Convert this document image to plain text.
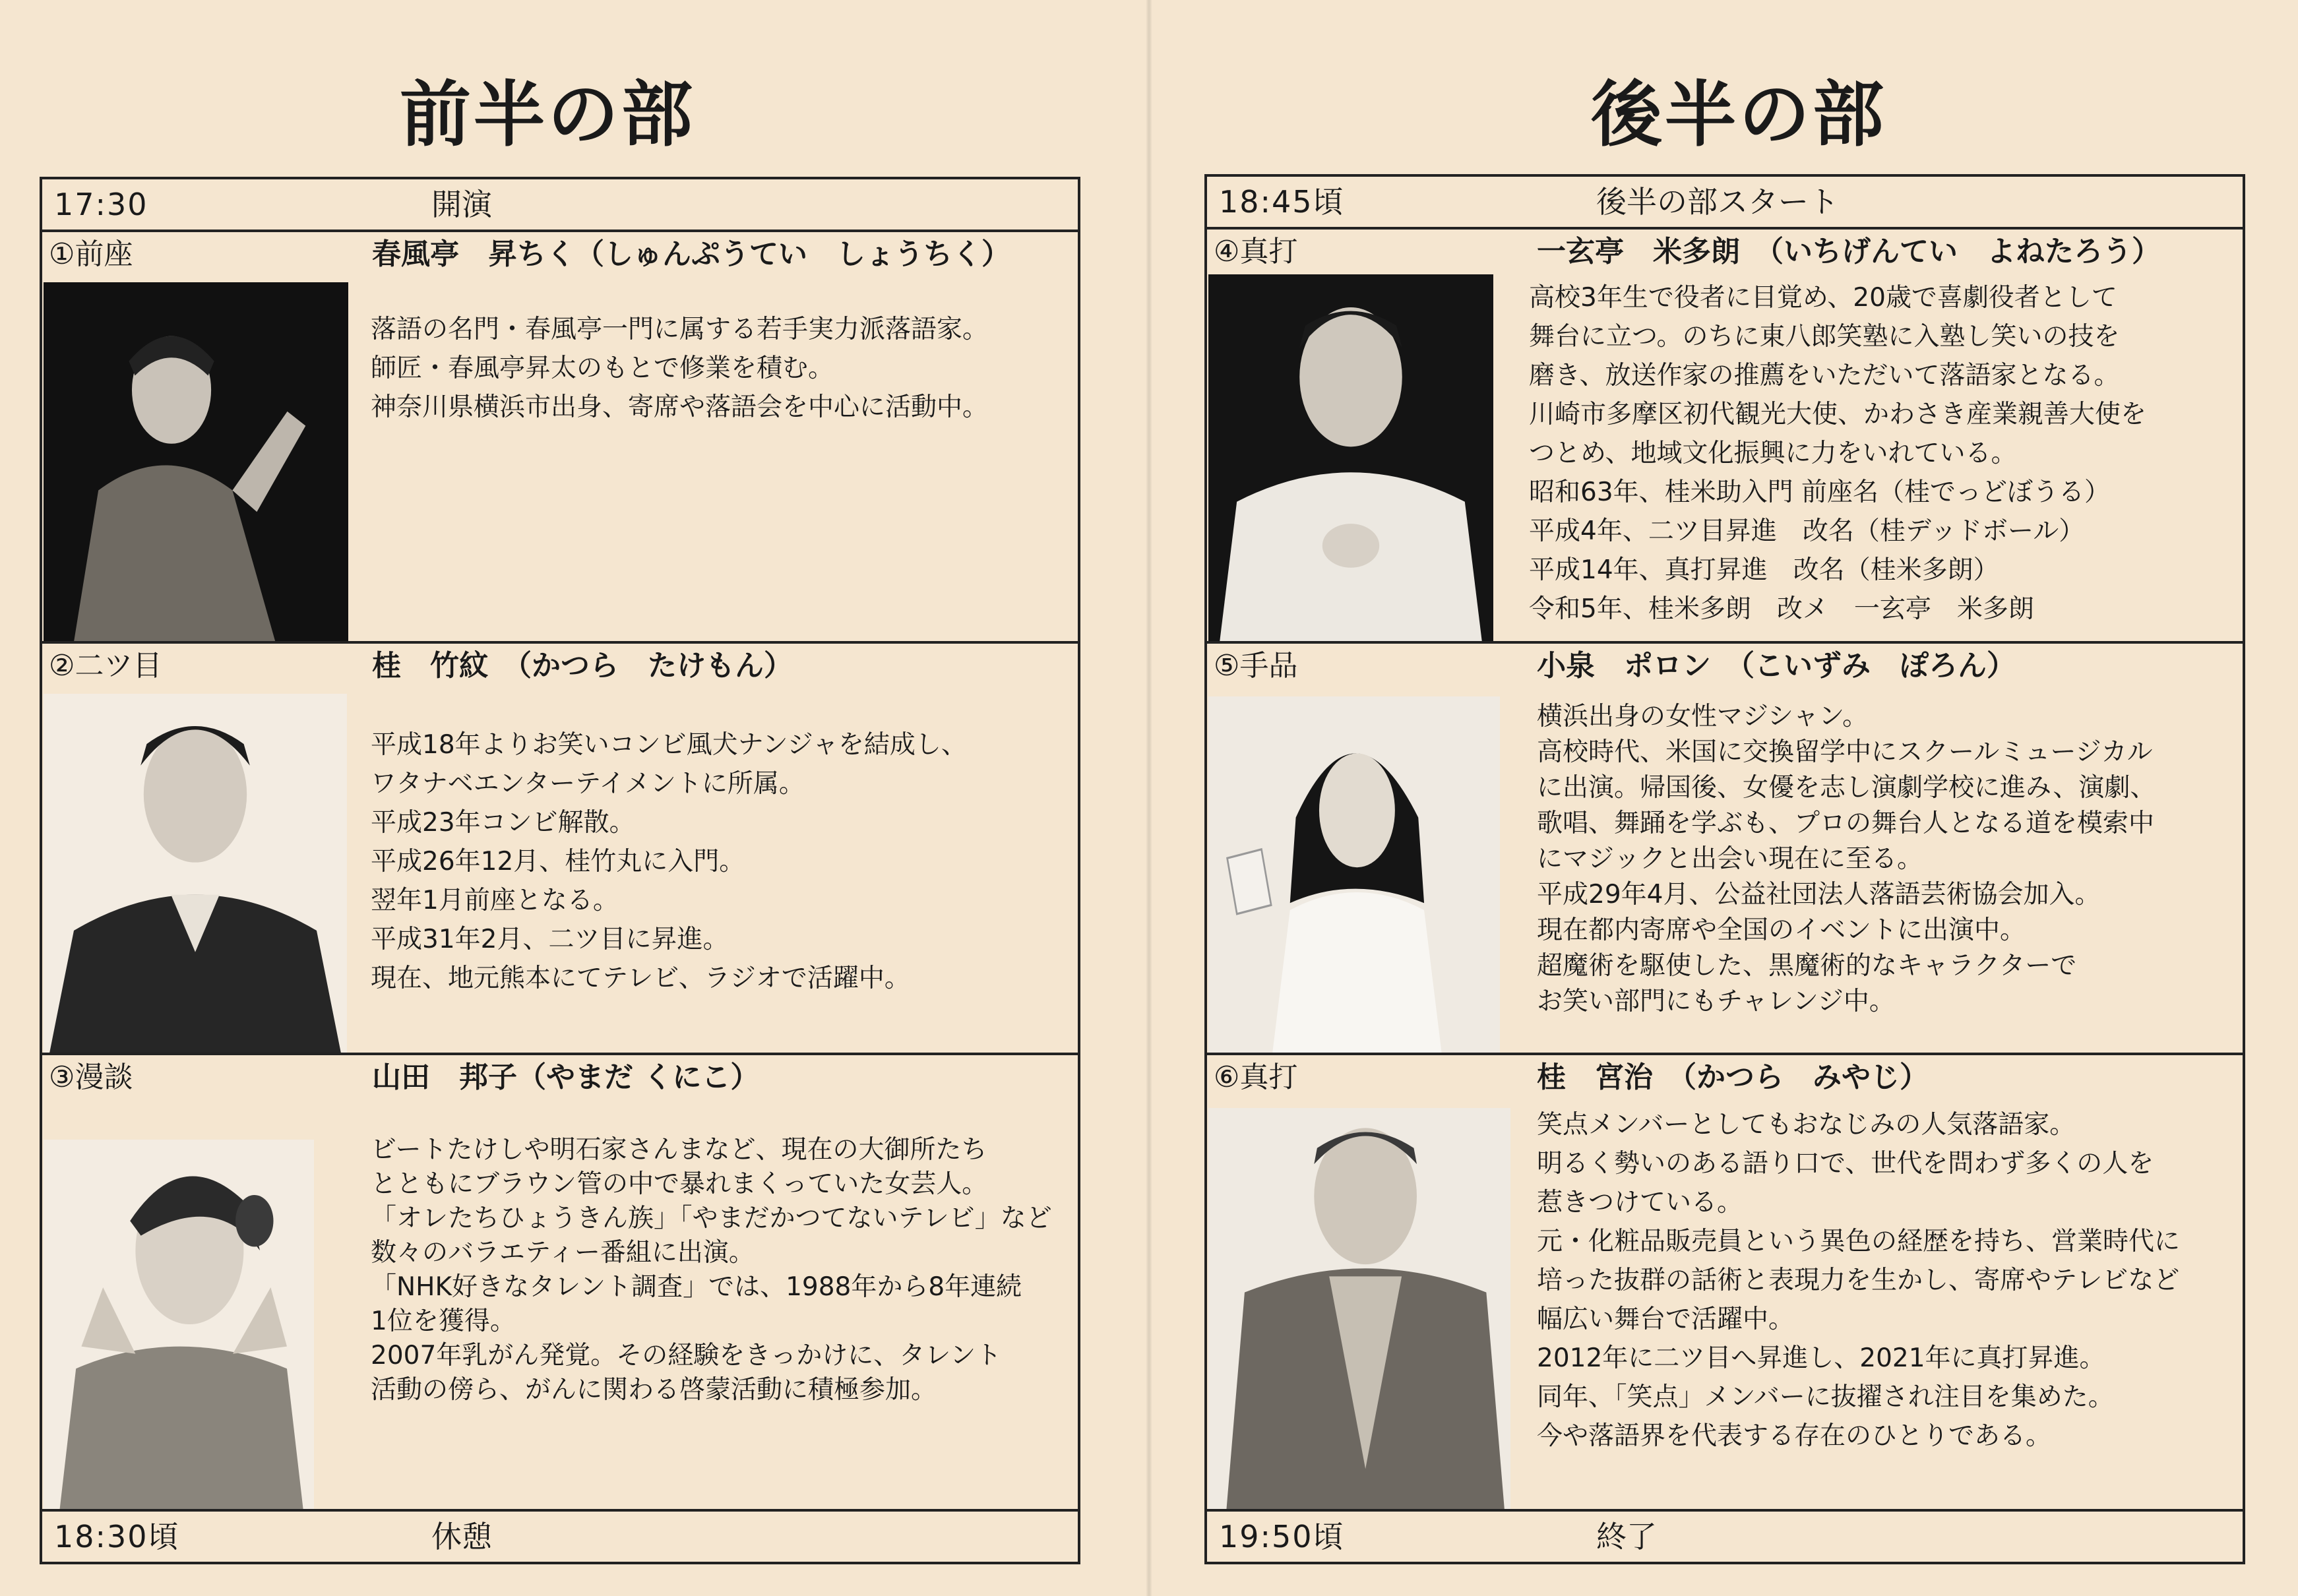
前半の部
17:30	開演
①前座	春風亭　昇ちく（しゅんぷうてい　しょうちく）
落語の名門・春風亭一門に属する若手実力派落語家。
師匠・春風亭昇太のもとで修業を積む。
神奈川県横浜市出身、寄席や落語会を中心に活動中。
②二ツ目	桂　竹紋　（かつら　たけもん）
平成18年よりお笑いコンビ風犬ナンジャを結成し、
ワタナベエンターテイメントに所属。
平成23年コンビ解散。
平成26年12月、桂竹丸に入門。
翌年1月前座となる。
平成31年2月、二ツ目に昇進。
現在、地元熊本にてテレビ、ラジオで活躍中。
③漫談	山田　邦子（やまだ くにこ）
ビートたけしや明石家さんまなど、現在の大御所たち
とともにブラウン管の中で暴れまくっていた女芸人。
「オレたちひょうきん族」「やまだかつてないテレビ」など
数々のバラエティー番組に出演。
「NHK好きなタレント調査」では、1988年から8年連続
1位を獲得。
2007年乳がん発覚。その経験をきっかけに、タレント
活動の傍ら、がんに関わる啓蒙活動に積極参加。
18:30頃	休憩
後半の部
18:45頃	後半の部スタート
④真打	一玄亭　米多朗　（いちげんてい　よねたろう）
高校3年生で役者に目覚め、20歳で喜劇役者として
舞台に立つ。のちに東八郎笑塾に入塾し笑いの技を
磨き、放送作家の推薦をいただいて落語家となる。
川崎市多摩区初代観光大使、かわさき産業親善大使を
つとめ、地域文化振興に力をいれている。
昭和63年、桂米助入門 前座名（桂でっどぼうる）
平成4年、二ツ目昇進　改名（桂デッドボール）
平成14年、真打昇進　改名（桂米多朗）
令和5年、桂米多朗　改メ　一玄亭　米多朗
⑤手品	小泉　ポロン　（こいずみ　ぽろん）
横浜出身の女性マジシャン。
高校時代、米国に交換留学中にスクールミュージカル
に出演。帰国後、女優を志し演劇学校に進み、演劇、
歌唱、舞踊を学ぶも、プロの舞台人となる道を模索中
にマジックと出会い現在に至る。
平成29年4月、公益社団法人落語芸術協会加入。
現在都内寄席や全国のイベントに出演中。
超魔術を駆使した、黒魔術的なキャラクターで
お笑い部門にもチャレンジ中。
⑥真打	桂　宮治　（かつら　みやじ）
笑点メンバーとしてもおなじみの人気落語家。
明るく勢いのある語り口で、世代を問わず多くの人を
惹きつけている。
元・化粧品販売員という異色の経歴を持ち、営業時代に
培った抜群の話術と表現力を生かし、寄席やテレビなど
幅広い舞台で活躍中。
2012年に二ツ目へ昇進し、2021年に真打昇進。
同年、「笑点」メンバーに抜擢され注目を集めた。
今や落語界を代表する存在のひとりである。
19:50頃	終了
